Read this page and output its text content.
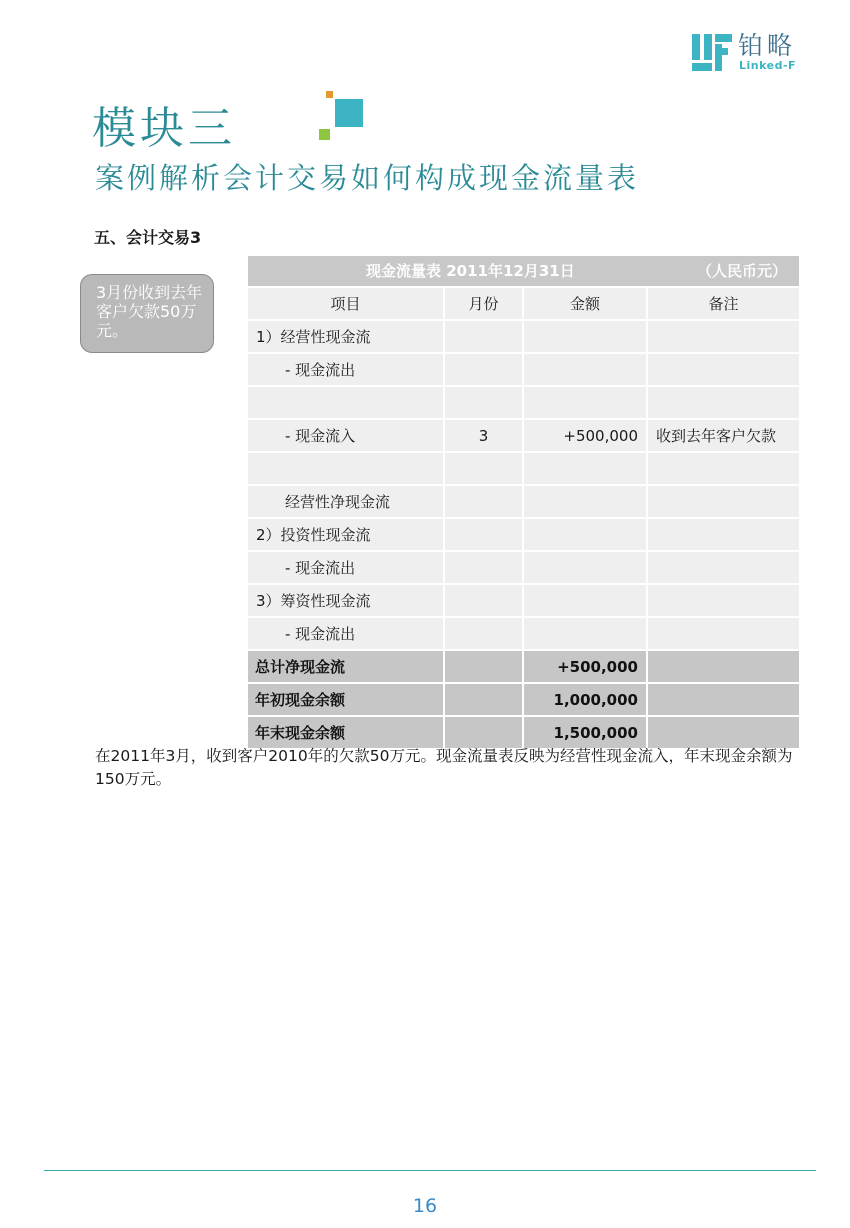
铂略
Linked-F
模块三
案例解析会计交易如何构成现金流量表
五、会计交易3
3月份收到去年客户欠款50万元。
现金流量表 2011年12月31日 （人民币元）			

项目	月份	金额	备注
1）经营性现金流			
- 现金流出			

- 现金流入	3	+500,000	收到去年客户欠款

经营性净现金流			
2）投资性现金流			
- 现金流出			
3）筹资性现金流			
- 现金流出			
总计净现金流		+500,000	
年初现金余额		1,000,000	
年末现金余额		1,500,000	
在2011年3月，收到客户2010年的欠款50万元。现金流量表反映为经营性现金流入，年末现金余额为150万元。
16
